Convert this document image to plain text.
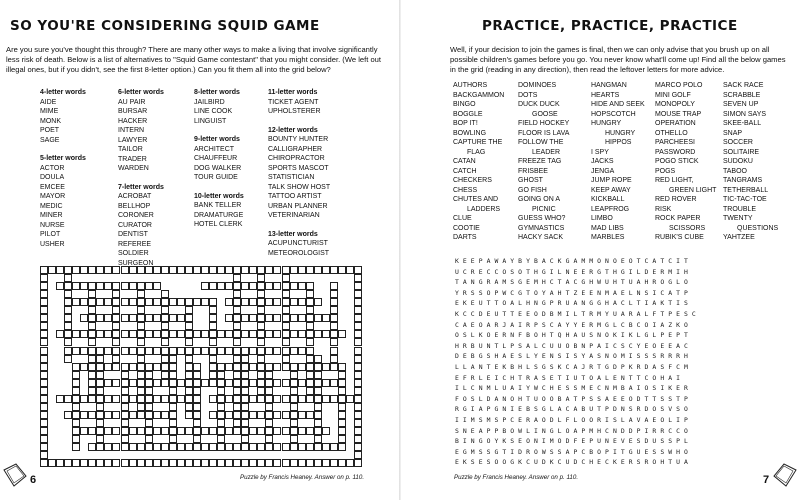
SO YOU'RE CONSIDERING SQUID GAME
Are you sure you've thought this through? There are many other ways to make a living that involve significantly less risk of death. Below is a list of alternatives to "Squid Game contestant" that you might consider. (We left out illegal ones, but if you didn't, see the first 8-letter option.) Can you fit them all into the grid below?
4-letter words
AIDE
MIME
MONK
POET
SAGE
5-letter words
ACTOR
DOULA
EMCEE
MAYOR
MEDIC
MINER
NURSE
PILOT
USHER
6-letter words
AU PAIR
BURSAR
HACKER
INTERN
LAWYER
TAILOR
TRADER
WARDEN
7-letter words
ACROBAT
BELLHOP
CORONER
CURATOR
DENTIST
REFEREE
SOLDIER
SURGEON
8-letter words
JAILBIRD
LINE COOK
LINGUIST
9-letter words
ARCHITECT
CHAUFFEUR
DOG WALKER
TOUR GUIDE
10-letter words
BANK TELLER
DRAMATURGE
HOTEL CLERK
11-letter words
TICKET AGENT
UPHOLSTERER
12-letter words
BOUNTY HUNTER
CALLIGRAPHER
CHIROPRACTOR
SPORTS MASCOT
STATISTICIAN
TALK SHOW HOST
TATTOO ARTIST
URBAN PLANNER
VETERINARIAN
13-letter words
ACUPUNCTURIST
METEOROLOGIST
Puzzle by Francis Heaney. Answer on p. 110.
6
PRACTICE, PRACTICE, PRACTICE
Well, if your decision to join the games is final, then we can only advise that you brush up on all possible children's games before you go. You never know what'll come up! Find all the below games in the grid (reading in any direction), then read the leftover letters for more advice.
AUTHORS
BACKGAMMON
BINGO
BOGGLE
BOP IT!
BOWLING
CAPTURE THE
FLAG
CATAN
CATCH
CHECKERS
CHESS
CHUTES AND
LADDERS
CLUE
COOTIE
DARTS
DOMINOES
DOTS
DUCK DUCK
GOOSE
FIELD HOCKEY
FLOOR IS LAVA
FOLLOW THE
LEADER
FREEZE TAG
FRISBEE
GHOST
GO FISH
GOING ON A
PICNIC
GUESS WHO?
GYMNASTICS
HACKY SACK
HANGMAN
HEARTS
HIDE AND SEEK
HOPSCOTCH
HUNGRY
HUNGRY
HIPPOS
I SPY
JACKS
JENGA
JUMP ROPE
KEEP AWAY
KICKBALL
LEAPFROG
LIMBO
MAD LIBS
MARBLES
MARCO POLO
MINI GOLF
MONOPOLY
MOUSE TRAP
OPERATION
OTHELLO
PARCHEESI
PASSWORD
POGO STICK
POGS
RED LIGHT,
GREEN LIGHT
RED ROVER
RISK
ROCK PAPER
SCISSORS
RUBIK'S CUBE
SACK RACE
SCRABBLE
SEVEN UP
SIMON SAYS
SKEE-BALL
SNAP
SOCCER
SOLITAIRE
SUDOKU
TABOO
TANGRAMS
TETHERBALL
TIC-TAC-TOE
TROUBLE
TWENTY
QUESTIONS
YAHTZEE
Puzzle by Francis Heaney. Answer on p. 110.	7
KEEPAWAYBYBACKGAMMONOEOTCATCIT
UCRECCOSOTHGILNEERGTHGILDERMIH
TANGRAMSGEMHCTACGHWUHTUAHROGLO
YRSSOPWCGTOYAHTZEENMAELNSICATP
EKEUTTOALHNGPRUANGGHACLTIAKTIS
KCCDEUTTEEODBMILTRMYUARALFTPESC
CAEOARJAIRPSCAYYERMGLCBCOIAZKO
OSLKOERNFBOHTQHAUSNOKIKLGLPEPT
HRBUNTLPSALCUUOBNPAICSCYEOEEAC
DEBGSHAESLYENSISYASNOMISSSRRRH
LLANTEKBHLSGSKCAJRTGDPKRDASFCM
EFRLEICHTRASETIUTOALENTTCOHAI
ILCNMLUAIYWCHESSMECNMBAIOSIKER
FOSLDANOHTUOOBATPSSAEEODTTSSTP
RGIAPGNIEBSGLACABUTPDNSRDOSVSO
IIMSMSPCERAODLFLOORISLAVAEOLIP
SNEAPPBOWLINGLOAPMHCNDDPIRRCCO
BINGOYKSEONIMODFEPUNEVESDUSSPL
EGMSSGTIDROWSSAPCBOPITGUESSWHO
EKSESOOGKCUDKCUDCHECKERSROHTUA
